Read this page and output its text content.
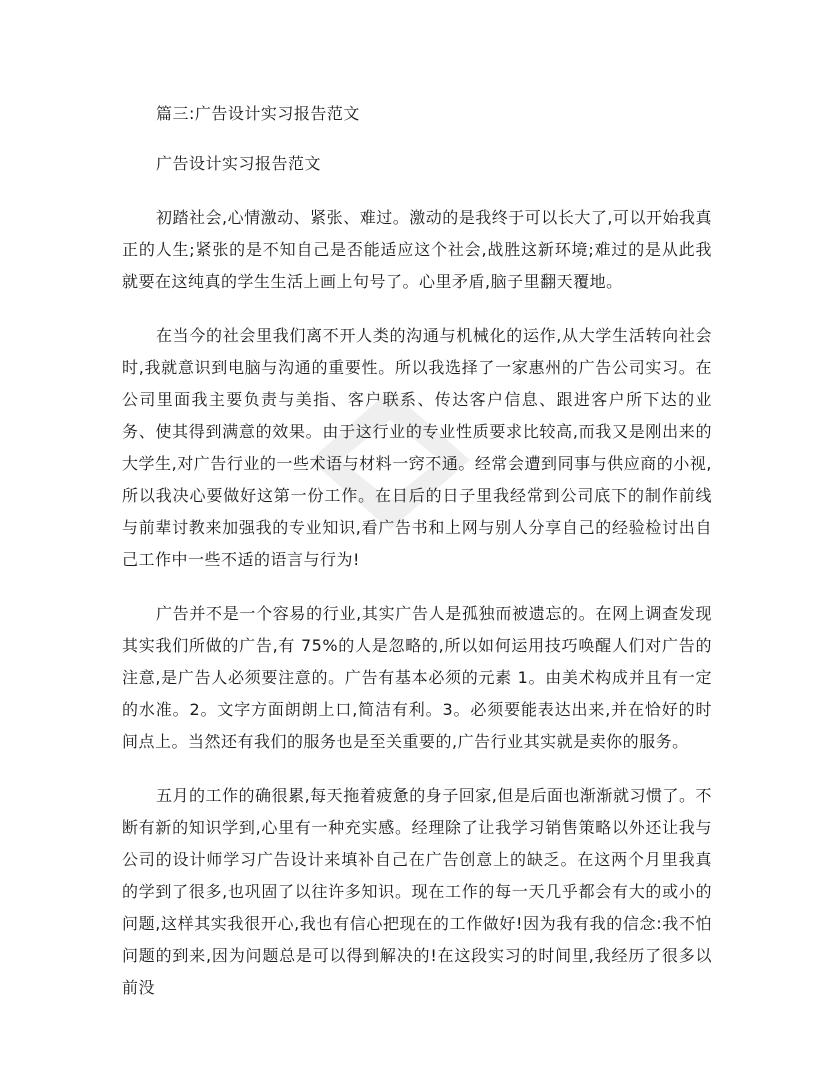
篇三:广告设计实习报告范文

广告设计实习报告范文

初踏社会,心情激动、紧张、难过。激动的是我终于可以长大了,可以开始我真正的人生;紧张的是不知自己是否能适应这个社会,战胜这新环境;难过的是从此我就要在这纯真的学生生活上画上句号了。心里矛盾,脑子里翻天覆地。

在当今的社会里我们离不开人类的沟通与机械化的运作,从大学生活转向社会时,我就意识到电脑与沟通的重要性。所以我选择了一家惠州的广告公司实习。在公司里面我主要负责与美指、客户联系、传达客户信息、跟进客户所下达的业务、使其得到满意的效果。由于这行业的专业性质要求比较高,而我又是刚出来的大学生,对广告行业的一些术语与材料一窍不通。经常会遭到同事与供应商的小视,所以我决心要做好这第一份工作。在日后的日子里我经常到公司底下的制作前线与前辈讨教来加强我的专业知识,看广告书和上网与别人分享自己的经验检讨出自己工作中一些不适的语言与行为!

广告并不是一个容易的行业,其实广告人是孤独而被遗忘的。在网上调查发现其实我们所做的广告,有 75%的人是忽略的,所以如何运用技巧唤醒人们对广告的注意,是广告人必须要注意的。广告有基本必须的元素 1。由美术构成并且有一定的水准。2。文字方面朗朗上口,简洁有利。3。必须要能表达出来,并在恰好的时间点上。当然还有我们的服务也是至关重要的,广告行业其实就是卖你的服务。

五月的工作的确很累,每天拖着疲惫的身子回家,但是后面也渐渐就习惯了。不断有新的知识学到,心里有一种充实感。经理除了让我学习销售策略以外还让我与公司的设计师学习广告设计来填补自己在广告创意上的缺乏。在这两个月里我真的学到了很多,也巩固了以往许多知识。现在工作的每一天几乎都会有大的或小的问题,这样其实我很开心,我也有信心把现在的工作做好!因为我有我的信念:我不怕问题的到来,因为问题总是可以得到解决的!在这段实习的时间里,我经历了很多以前没
